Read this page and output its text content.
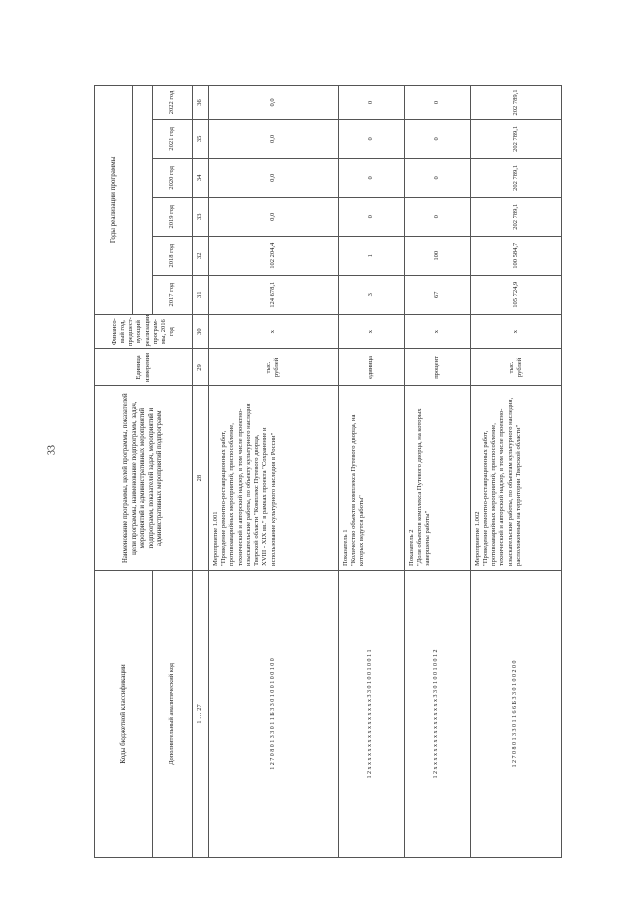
33
Коды бюджетной классификации	Наименование программы, целей программы, показателей цели программы, наименование подпрограмм, задач, мероприятий и административных мероприятий подпрограмм, показателей задач, мероприятий и административных мероприятий подпрограмм	Единица измерения	Финансо-вый год, предшест-вующий реализации програм-мы, 2016 год	Годы реализации программы					

Дополнительный аналитический код				2017 год	2018 год	2019 год	2020 год	2021 год	2022 год
1 … 27	28	29	30	31	32	33	34	35	36
1 2 7 0 8 0 1 3 3 0 1 1 Б 3 3 0 1 0 0 1 0 0 1 0 0	Мероприятие 1.001 "Проведение ремонтно-реставрационных работ, противоаварийных мероприятий, приспособление, технический и авторский надзор, в том числе проектно-изыскательские работы, по объекту культурного наследия Тверской области "Комплекс Путевого дворца, XVIII - XIX вв." в рамках проекта "Сохранение и использование культурного наследия в России"	тыс. рублей	x	124 678,1	102 204,4	0,0	0,0	0,0	0,0
1 2 x x x x x x x x x x x x x x x x 3 3 0 1 0 0 1 0 0 1 1	Показатель 1 "Количество объектов комплекса Путевого дворца, на которых ведутся работы"	единица	x	3	1	0	0	0	0
1 2 x x x x x x x x x x x x x x x x 3 3 0 1 0 0 1 0 0 1 2	Показатель 2 "Доля объектов комплекса Путевого дворца, на которых завершены работы"	процент	x	67	100	0	0	0	0
1 2 7 0 8 0 1 3 3 0 1 1 6 6 Б 3 3 0 1 0 0 2 0 0	Мероприятие 1.002 "Проведение ремонтно-реставрационных работ, противоаварийных мероприятий, приспособление, технический и авторский надзор, в том числе проектно-изыскательские работы, по объектам культурного наследия, расположенным на территории Тверской области"	тыс. рублей	x	105 724,9	100 584,7	202 789,1	202 789,1	202 789,1	202 789,1
